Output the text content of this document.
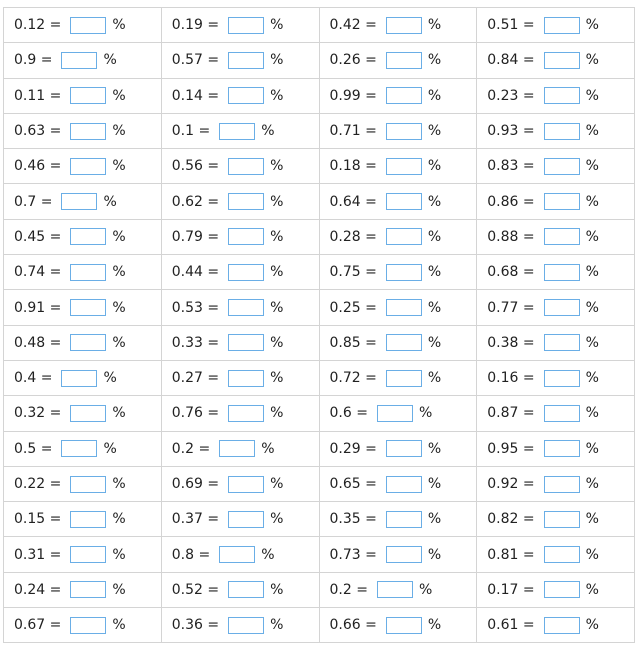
0.12 = %	0.19 = %	0.42 = %	0.51 = %
0.9 = %	0.57 = %	0.26 = %	0.84 = %
0.11 = %	0.14 = %	0.99 = %	0.23 = %
0.63 = %	0.1 = %	0.71 = %	0.93 = %
0.46 = %	0.56 = %	0.18 = %	0.83 = %
0.7 = %	0.62 = %	0.64 = %	0.86 = %
0.45 = %	0.79 = %	0.28 = %	0.88 = %
0.74 = %	0.44 = %	0.75 = %	0.68 = %
0.91 = %	0.53 = %	0.25 = %	0.77 = %
0.48 = %	0.33 = %	0.85 = %	0.38 = %
0.4 = %	0.27 = %	0.72 = %	0.16 = %
0.32 = %	0.76 = %	0.6 = %	0.87 = %
0.5 = %	0.2 = %	0.29 = %	0.95 = %
0.22 = %	0.69 = %	0.65 = %	0.92 = %
0.15 = %	0.37 = %	0.35 = %	0.82 = %
0.31 = %	0.8 = %	0.73 = %	0.81 = %
0.24 = %	0.52 = %	0.2 = %	0.17 = %
0.67 = %	0.36 = %	0.66 = %	0.61 = %
